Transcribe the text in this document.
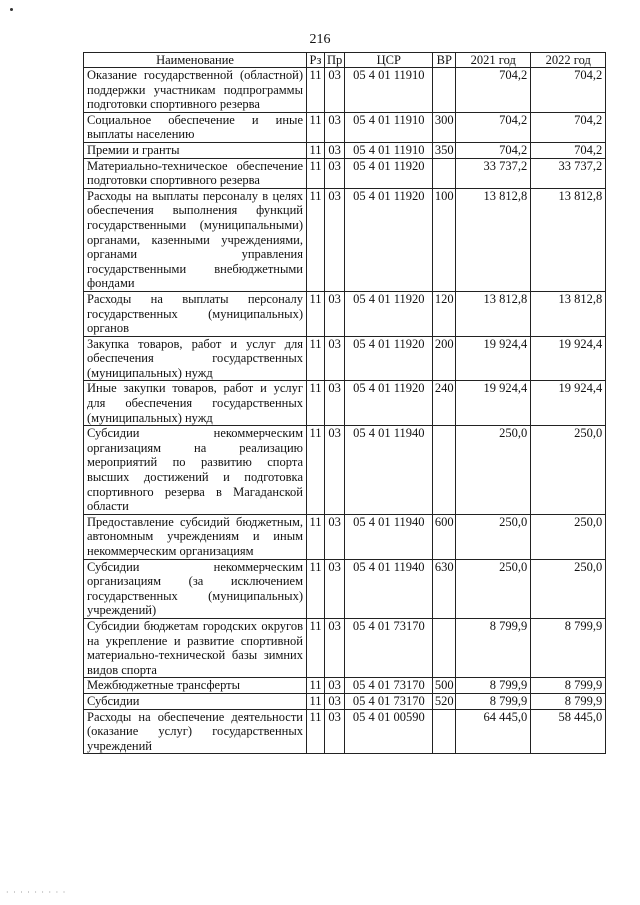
216
Наименование	Рз	Пр	ЦСР	ВР	2021 год	2022 год
Оказание государственной (областной) поддержки участникам подпрограммы подготовки спортивного резерва	11	03	05 4 01 11910		704,2	704,2
Социальное обеспечение и иные выплаты населению	11	03	05 4 01 11910	300	704,2	704,2
Премии и гранты	11	03	05 4 01 11910	350	704,2	704,2
Материально-техническое обеспечение подготовки спортивного резерва	11	03	05 4 01 11920		33 737,2	33 737,2
Расходы на выплаты персоналу в целях обеспечения выполнения функций государственными (муниципальными) органами, казенными учреждениями, органами управления государственными внебюджетными фондами	11	03	05 4 01 11920	100	13 812,8	13 812,8
Расходы на выплаты персоналу государственных (муниципальных) органов	11	03	05 4 01 11920	120	13 812,8	13 812,8
Закупка товаров, работ и услуг для обеспечения государственных (муниципальных) нужд	11	03	05 4 01 11920	200	19 924,4	19 924,4
Иные закупки товаров, работ и услуг для обеспечения государственных (муниципальных) нужд	11	03	05 4 01 11920	240	19 924,4	19 924,4
Субсидии некоммерческим организациям на реализацию мероприятий по развитию спорта высших достижений и подготовка спортивного резерва в Магаданской области	11	03	05 4 01 11940		250,0	250,0
Предоставление субсидий бюджетным, автономным учреждениям и иным некоммерческим организациям	11	03	05 4 01 11940	600	250,0	250,0
Субсидии некоммерческим организациям (за исключением государственных (муниципальных) учреждений)	11	03	05 4 01 11940	630	250,0	250,0
Субсидии бюджетам городских округов на укрепление и развитие спортивной материально-технической базы зимних видов спорта	11	03	05 4 01 73170		8 799,9	8 799,9
Межбюджетные трансферты	11	03	05 4 01 73170	500	8 799,9	8 799,9
Субсидии	11	03	05 4 01 73170	520	8 799,9	8 799,9
Расходы на обеспечение деятельности (оказание услуг) государственных учреждений	11	03	05 4 01 00590		64 445,0	58 445,0
· · · · · · · · ·
